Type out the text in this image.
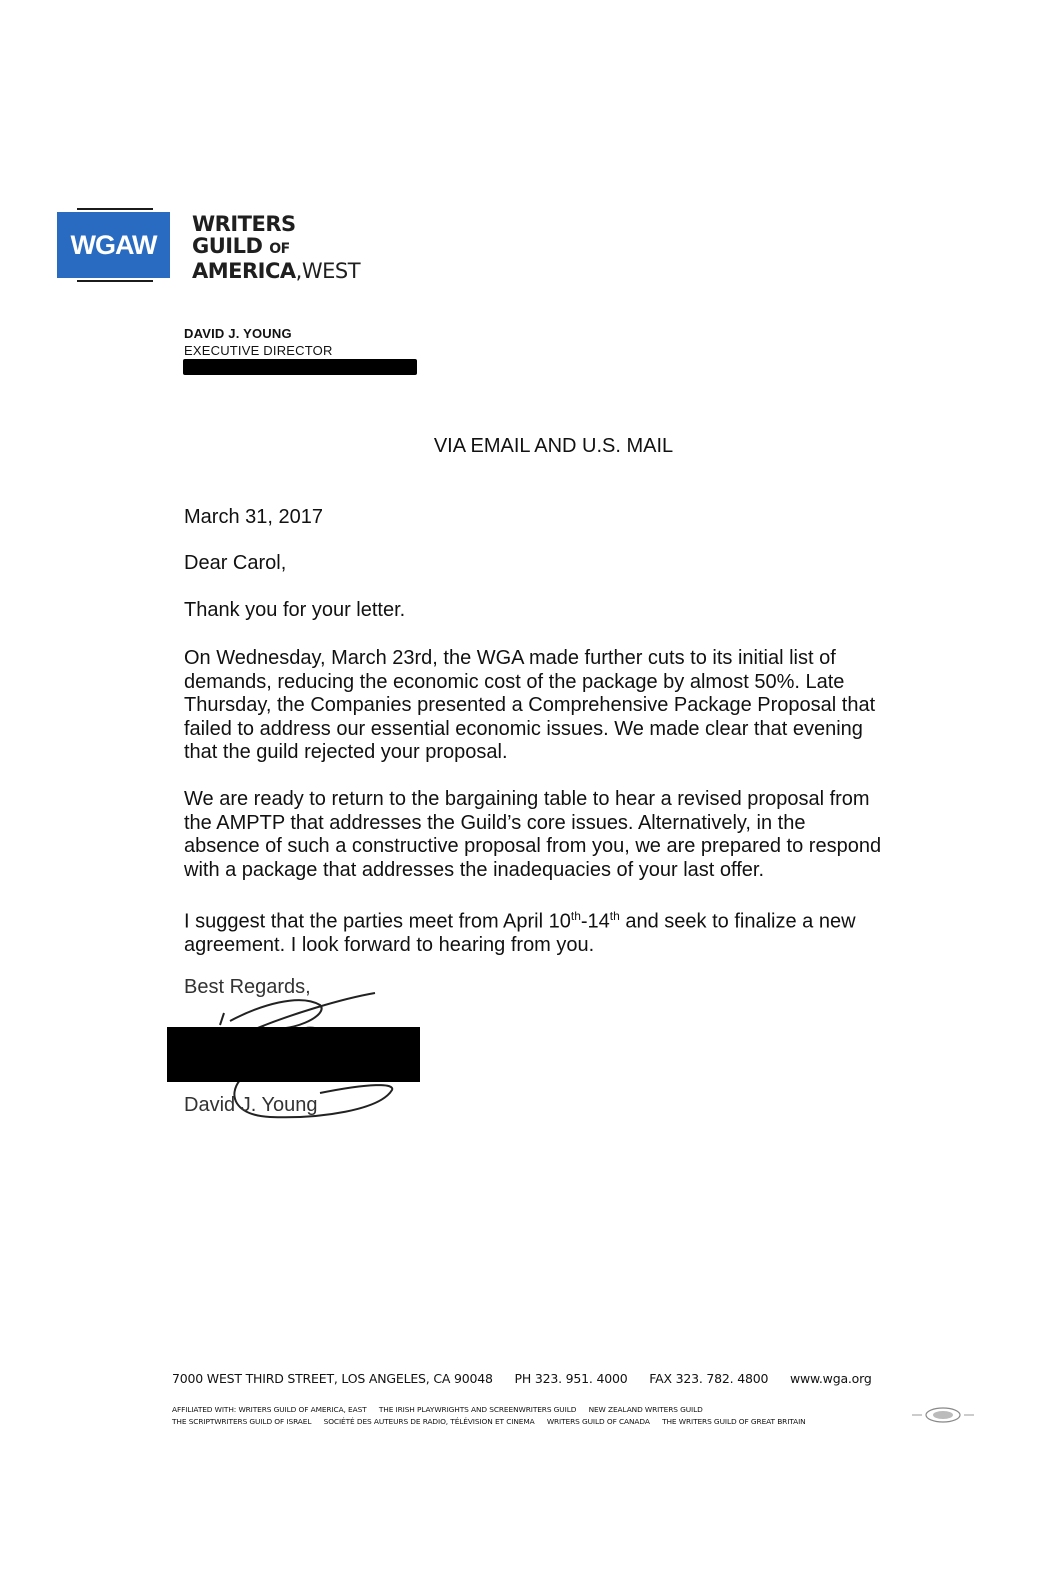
WGAW
WRITERS
GUILD OF
AMERICA,WEST
DAVID J. YOUNG
EXECUTIVE DIRECTOR
VIA EMAIL AND U.S. MAIL
March 31, 2017
Dear Carol,
Thank you for your letter.
On Wednesday, March 23rd, the WGA made further cuts to its initial list of demands, reducing the economic cost of the package by almost 50%. Late Thursday, the Companies presented a Comprehensive Package Proposal that failed to address our essential economic issues. We made clear that evening that the guild rejected your proposal.
We are ready to return to the bargaining table to hear a revised proposal from the AMPTP that addresses the Guild’s core issues. Alternatively, in the absence of such a constructive proposal from you, we are prepared to respond with a package that addresses the inadequacies of your last offer.
I suggest that the parties meet from April 10th-14th and seek to finalize a new agreement. I look forward to hearing from you.
Best Regards,
David J. Young
7000 WEST THIRD STREET, LOS ANGELES, CA 90048 PH 323. 951. 4000 FAX 323. 782. 4800 www.wga.org
AFFILIATED WITH: WRITERS GUILD OF AMERICA, EAST THE IRISH PLAYWRIGHTS AND SCREENWRITERS GUILD NEW ZEALAND WRITERS GUILD
THE SCRIPTWRITERS GUILD OF ISRAEL SOCIÉTÉ DES AUTEURS DE RADIO, TÉLÉVISION ET CINEMA WRITERS GUILD OF CANADA THE WRITERS GUILD OF GREAT BRITAIN
